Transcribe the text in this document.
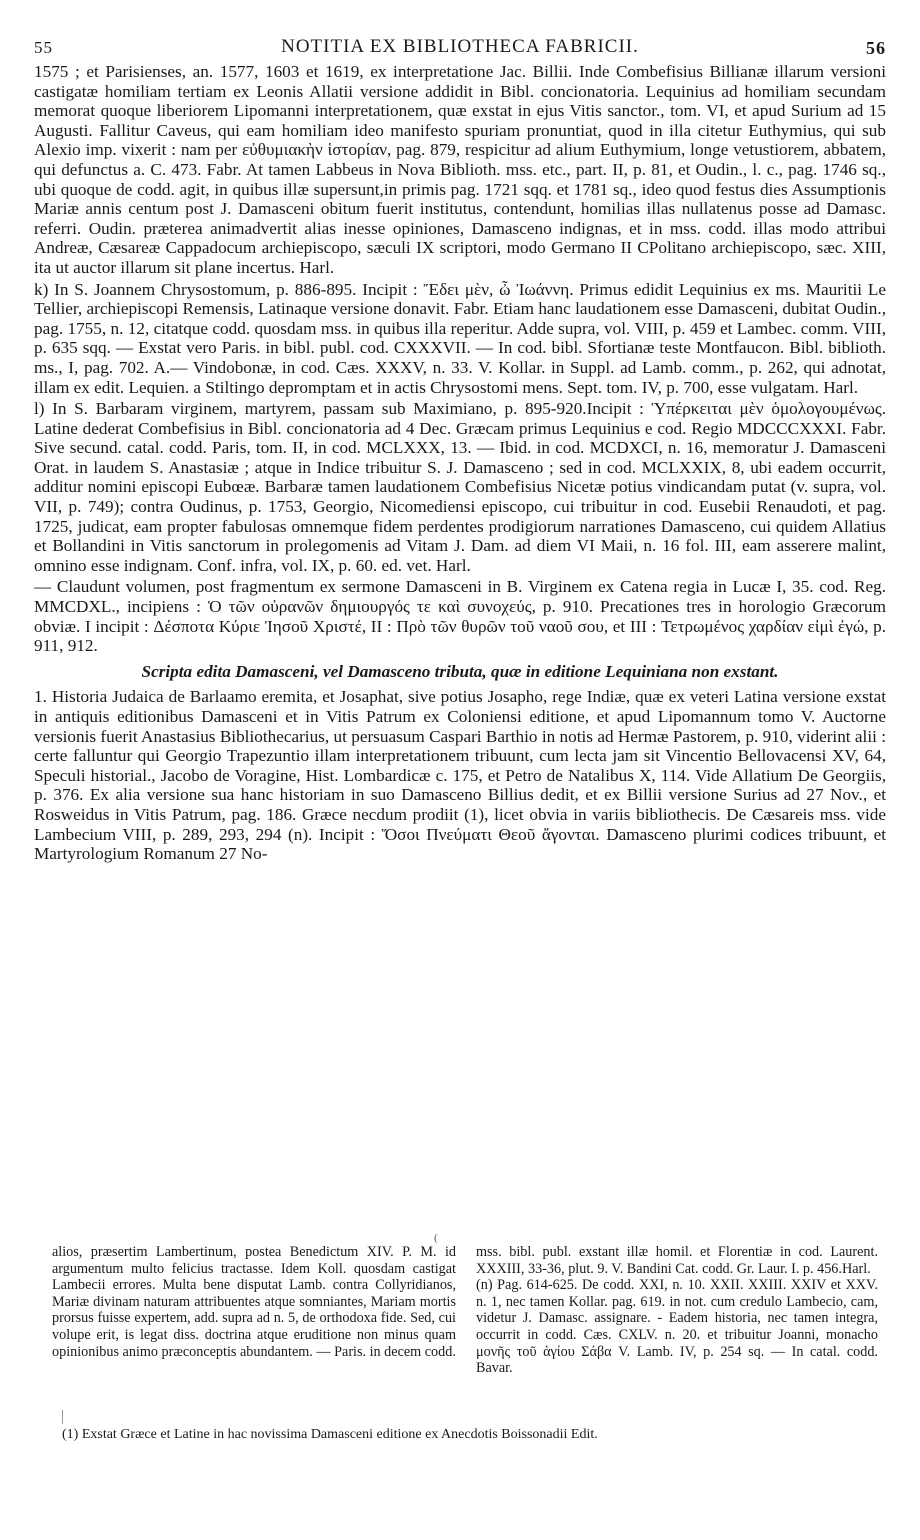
55	NOTITIA EX BIBLIOTHECA FABRICII.	56

1575 ; et Parisienses, an. 1577, 1603 et 1619, ex interpretatione Jac. Billii. Inde Combefisius Billianæ illarum versioni castigatæ homiliam tertiam ex Leonis Allatii versione addidit in Bibl. concionatoria. Lequinius ad homiliam secundam memorat quoque liberiorem Lipomanni interpretationem, quæ exstat in ejus Vitis sanctor., tom. VI, et apud Surium ad 15 Augusti. Fallitur Caveus, qui eam homiliam ideo manifesto spuriam pronuntiat, quod in illa citetur Euthymius, qui sub Alexio imp. vixerit : nam per εὐθυμιακὴν ἱστορίαν, pag. 879, respicitur ad alium Euthymium, longe vetustiorem, abbatem, qui defunctus a. C. 473. Fabr. At tamen Labbeus in Nova Biblioth. mss. etc., part. II, p. 81, et Oudin., l. c., pag. 1746 sq., ubi quoque de codd. agit, in quibus illæ supersunt,in primis pag. 1721 sqq. et 1781 sq., ideo quod festus dies Assumptionis Mariæ annis centum post J. Damasceni obitum fuerit institutus, contendunt, homilias illas nullatenus posse ad Damasc. referri. Oudin. præterea animadvertit alias inesse opiniones, Damasceno indignas, et in mss. codd. illas modo attribui Andreæ, Cæsareæ Cappadocum archiepiscopo, sæculi IX scriptori, modo Germano II CPolitano archiepiscopo, sæc. XIII, ita ut auctor illarum sit plane incertus. Harl.

k) In S. Joannem Chrysostomum, p. 886-895. Incipit : Ἔδει μὲν, ὦ Ἰωάννη. Primus edidit Lequinius ex ms. Mauritii Le Tellier, archiepiscopi Remensis, Latinaque versione donavit. Fabr. Etiam hanc laudationem esse Damasceni, dubitat Oudin., pag. 1755, n. 12, citatque codd. quosdam mss. in quibus illa reperitur. Adde supra, vol. VIII, p. 459 et Lambec. comm. VIII, p. 635 sqq. — Exstat vero Paris. in bibl. publ. cod. CXXXVII. — In cod. bibl. Sfortianæ teste Montfaucon. Bibl. biblioth. ms., I, pag. 702. A.— Vindobonæ, in cod. Cæs. XXXV, n. 33. V. Kollar. in Suppl. ad Lamb. comm., p. 262, qui adnotat, illam ex edit. Lequien. a Stiltingo depromptam et in actis Chrysostomi mens. Sept. tom. IV, p. 700, esse vulgatam. Harl.

l) In S. Barbaram virginem, martyrem, passam sub Maximiano, p. 895-920.Incipit : Ὑπέρκειται μὲν ὁμολογουμένως. Latine dederat Combefisius in Bibl. concionatoria ad 4 Dec. Græcam primus Lequinius e cod. Regio MDCCCXXXI. Fabr. Sive secund. catal. codd. Paris, tom. II, in cod. MCLXXX, 13. — Ibid. in cod. MCDXCI, n. 16, memoratur J. Damasceni Orat. in laudem S. Anastasiæ ; atque in Indice tribuitur S. J. Damasceno ; sed in cod. MCLXXIX, 8, ubi eadem occurrit, additur nomini episcopi Eubœæ. Barbaræ tamen laudationem Combefisius Nicetæ potius vindicandam putat (v. supra, vol. VII, p. 749); contra Oudinus, p. 1753, Georgio, Nicomediensi episcopo, cui tribuitur in cod. Eusebii Renaudoti, et pag. 1725, judicat, eam propter fabulosas omnemque fidem perdentes prodigiorum narrationes Damasceno, cui quidem Allatius et Bollandini in Vitis sanctorum in prolegomenis ad Vitam J. Dam. ad diem VI Maii, n. 16 fol. III, eam asserere malint, omnino esse indignam. Conf. infra, vol. IX, p. 60. ed. vet. Harl.

— Claudunt volumen, post fragmentum ex sermone Damasceni in B. Virginem ex Catena regia in Lucæ I, 35. cod. Reg. MMCDXL., incipiens : Ὁ τῶν οὐρανῶν δημιουργός τε καὶ συνοχεύς, p. 910. Precationes tres in horologio Græcorum obviæ. I incipit : Δέσποτα Κύριε Ἰησοῦ Χριστέ, II : Πρὸ τῶν θυρῶν τοῦ ναοῦ σου, et III : Τετρωμένος χαρδίαν εἰμὶ ἐγώ, p. 911, 912.

Scripta edita Damasceni, vel Damasceno tributa, quæ in editione Lequiniana non exstant.

1. Historia Judaica de Barlaamo eremita, et Josaphat, sive potius Josapho, rege Indiæ, quæ ex veteri Latina versione exstat in antiquis editionibus Damasceni et in Vitis Patrum ex Coloniensi editione, et apud Lipomannum tomo V. Auctorne versionis fuerit Anastasius Bibliothecarius, ut persuasum Caspari Barthio in notis ad Hermæ Pastorem, p. 910, viderint alii : certe falluntur qui Georgio Trapezuntio illam interpretationem tribuunt, cum lecta jam sit Vincentio Bellovacensi XV, 64, Speculi historial., Jacobo de Voragine, Hist. Lombardicæ c. 175, et Petro de Natalibus X, 114. Vide Allatium De Georgiis, p. 376. Ex alia versione sua hanc historiam in suo Damasceno Billius dedit, et ex Billii versione Surius ad 27 Nov., et Rosweidus in Vitis Patrum, pag. 186. Græce necdum prodiit (1), licet obvia in variis bibliothecis. De Cæsareis mss. vide Lambecium VIII, p. 289, 293, 294 (n). Incipit : Ὅσοι Πνεύματι Θεοῦ ἄγονται. Damasceno plurimi codices tribuunt, et Martyrologium Romanum 27 No-

(

alios, præsertim Lambertinum, postea Benedictum XIV. P. M. id argumentum multo felicius tractasse. Idem Koll. quosdam castigat Lambecii errores. Multa bene disputat Lamb. contra Collyridianos, Mariæ divinam naturam attribuentes atque somniantes, Mariam mortis prorsus fuisse expertem, add. supra ad n. 5, de orthodoxa fide. Sed, cui volupe erit, is legat diss. doctrina atque eruditione non minus quam opinionibus animo præconceptis abundantem. — Paris. in decem codd.

mss. bibl. publ. exstant illæ homil. et Florentiæ in cod. Laurent. XXXIII, 33-36, plut. 9. V. Bandini Cat. codd. Gr. Laur. I. p. 456.Harl.

(n) Pag. 614-625. De codd. XXI, n. 10. XXII. XXIII. XXIV et XXV. n. 1, nec tamen Kollar. pag. 619. in not. cum credulo Lambecio, cam, videtur J. Damasc. assignare. - Eadem historia, nec tamen integra, occurrit in codd. Cæs. CXLV. n. 20. et tribuitur Joanni, monacho μονῆς τοῦ ἁγίου Σάβα V. Lamb. IV, p. 254 sq. — In catal. codd. Bavar.

(1) Exstat Græce et Latine in hac novissima Damasceni editione ex Anecdotis Boissonadii Edit.
